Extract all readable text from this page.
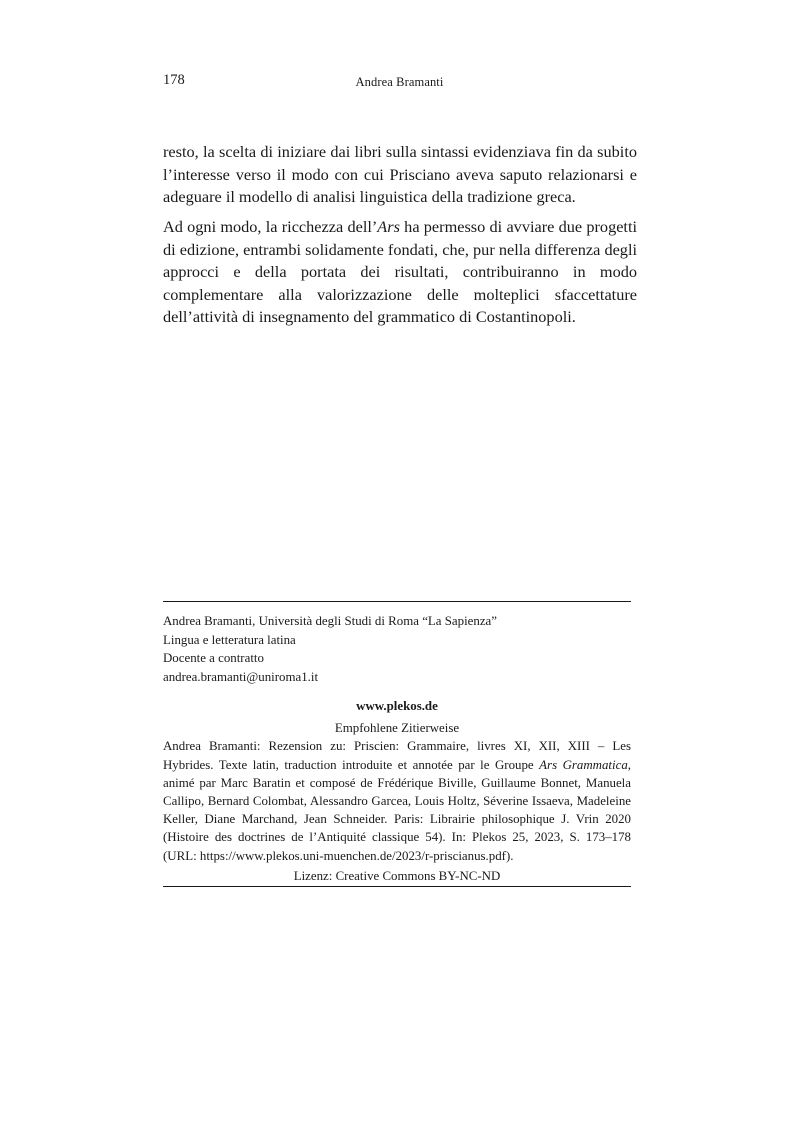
178	Andrea Bramanti

resto, la scelta di iniziare dai libri sulla sintassi evidenziava fin da subito l’interesse verso il modo con cui Prisciano aveva saputo relazionarsi e adeguare il modello di analisi linguistica della tradizione greca.

Ad ogni modo, la ricchezza dell’Ars ha permesso di avviare due progetti di edizione, entrambi solidamente fondati, che, pur nella differenza degli approcci e della portata dei risultati, contribuiranno in modo complementare alla valorizzazione delle molteplici sfaccettature dell’attività di insegnamento del grammatico di Costantinopoli.

Andrea Bramanti, Università degli Studi di Roma “La Sapienza”
Lingua e letteratura latina
Docente a contratto
andrea.bramanti@uniroma1.it
www.plekos.de
Empfohlene Zitierweise
Andrea Bramanti: Rezension zu: Priscien: Grammaire, livres XI, XII, XIII – Les Hybrides. Texte latin, traduction introduite et annotée par le Groupe Ars Grammatica, animé par Marc Baratin et composé de Frédérique Biville, Guillaume Bonnet, Manuela Callipo, Bernard Colombat, Alessandro Garcea, Louis Holtz, Séverine Issaeva, Madeleine Keller, Diane Marchand, Jean Schneider. Paris: Librairie philosophique J. Vrin 2020 (Histoire des doctrines de l’Antiquité classique 54). In: Plekos 25, 2023, S. 173–178 (URL: https://www.plekos.uni-muenchen.de/2023/r-priscianus.pdf).
Lizenz: Creative Commons BY-NC-ND
